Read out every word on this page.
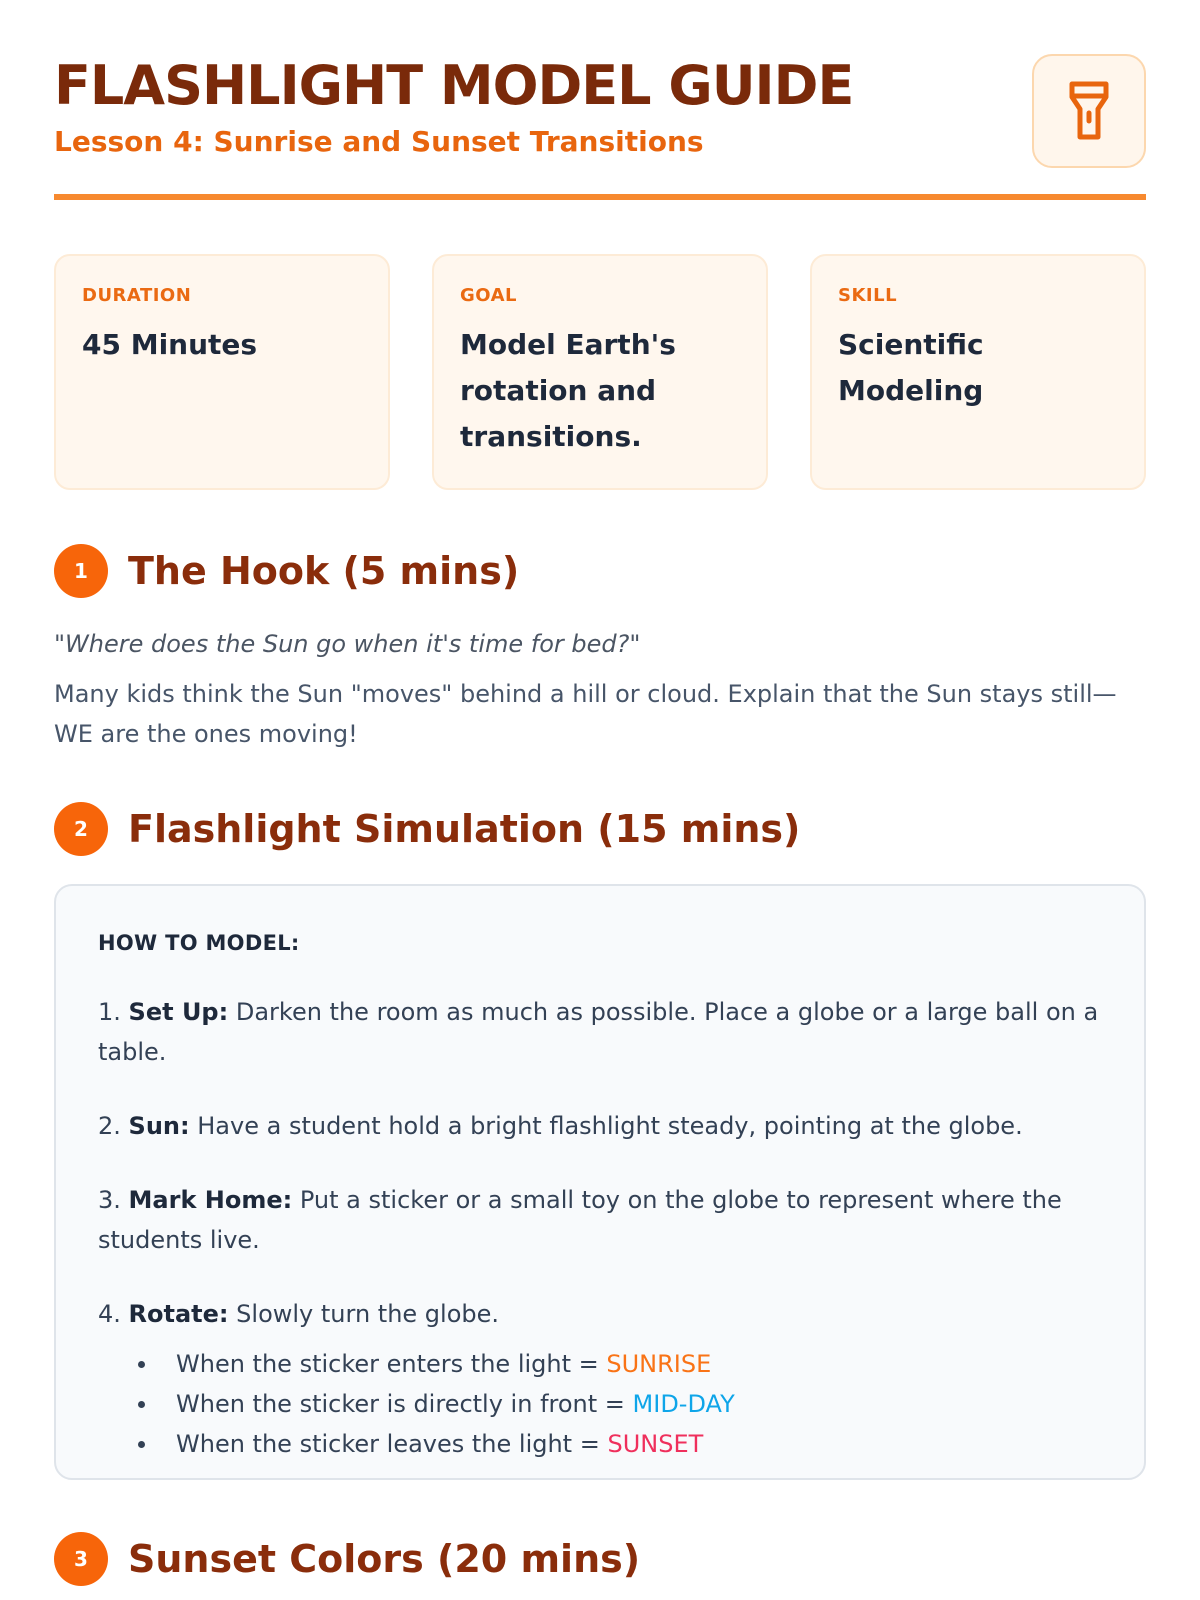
FLASHLIGHT MODEL GUIDE
Lesson 4: Sunrise and Sunset Transitions
DURATION
45 Minutes
GOAL
Model Earth's rotation and transitions.
SKILL
Scientific Modeling
1	The Hook (5 mins)
"Where does the Sun go when it's time for bed?"
Many kids think the Sun "moves" behind a hill or cloud. Explain that the Sun stays still—WE are the ones moving!
2	Flashlight Simulation (15 mins)
HOW TO MODEL:
1. Set Up: Darken the room as much as possible. Place a globe or a large ball on a table.
2. Sun: Have a student hold a bright flashlight steady, pointing at the globe.
3. Mark Home: Put a sticker or a small toy on the globe to represent where the students live.
4. Rotate: Slowly turn the globe.
When the sticker enters the light = SUNRISE
When the sticker is directly in front = MID-DAY
When the sticker leaves the light = SUNSET
3	Sunset Colors (20 mins)
